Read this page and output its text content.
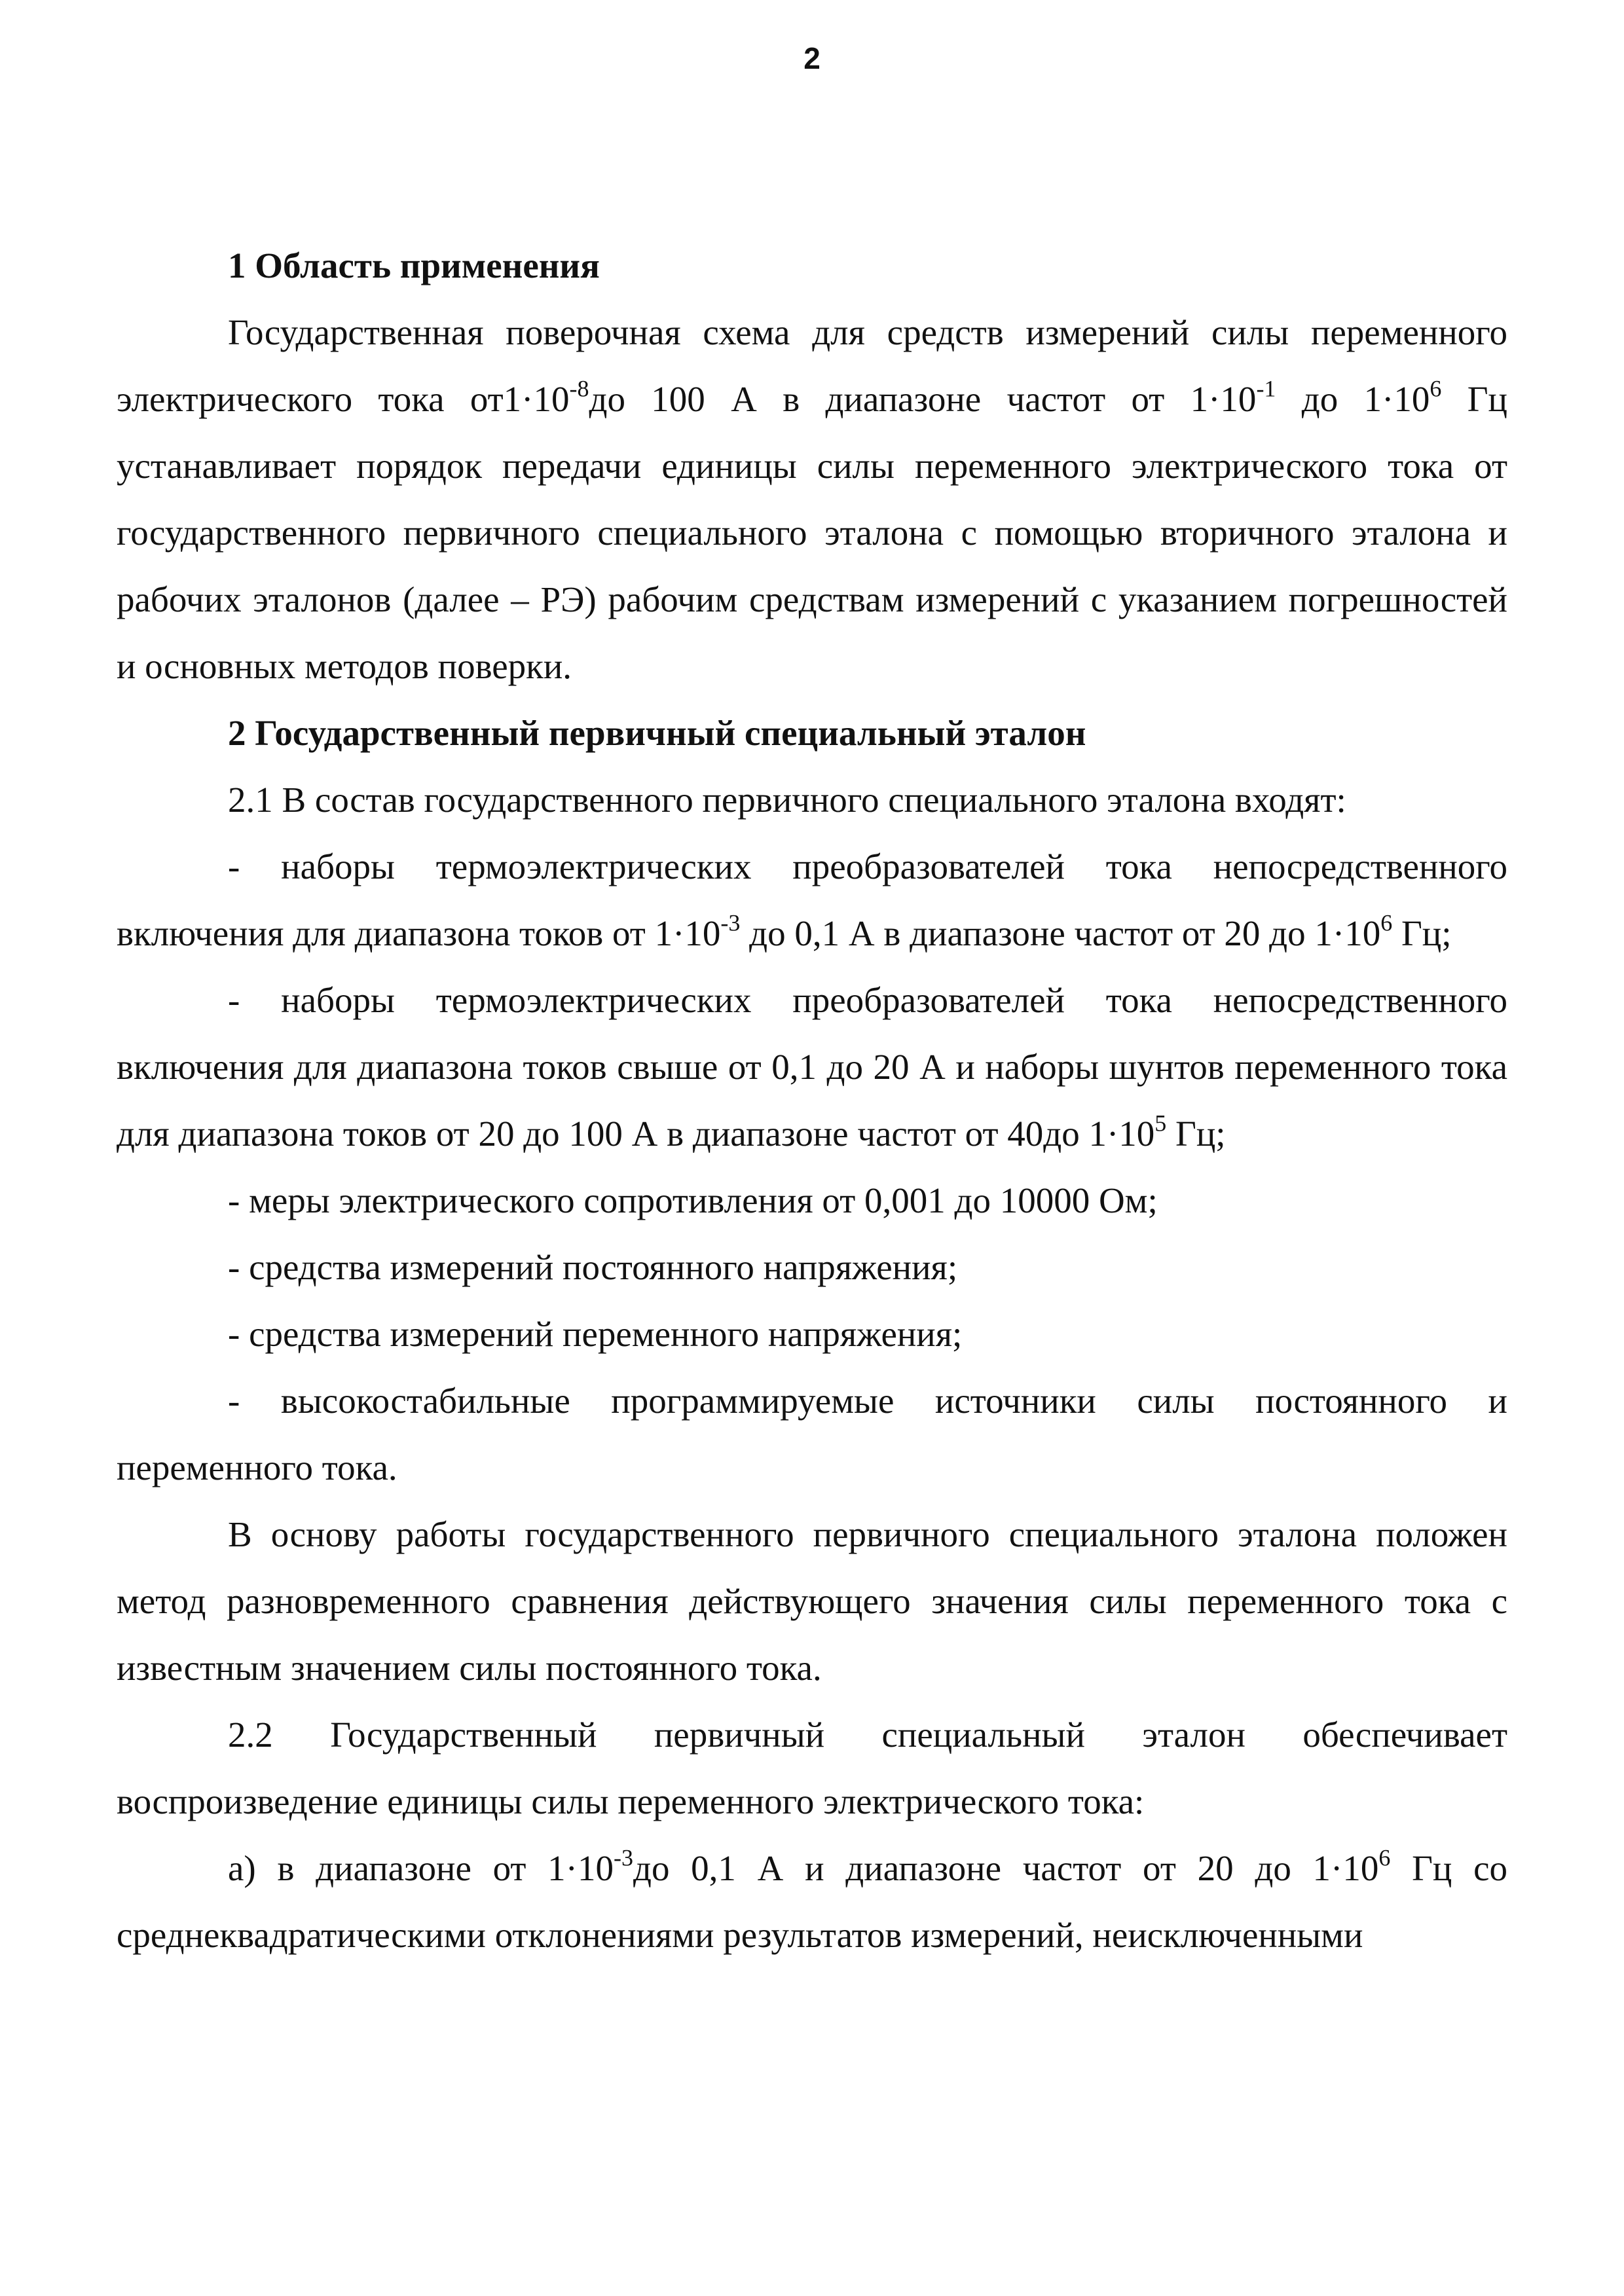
2

1 Область применения

Государственная поверочная схема для средств измерений силы переменного электрического тока $от1\cdot 10^{-8}до$ 100 А в диапазоне частот от $1\cdot 10^{-1}$ до $1\cdot 10^6$ Гц устанавливает порядок передачи единицы силы переменного электрического тока от государственного первичного специального эталона с помощью вторичного эталона и рабочих эталонов (далее – РЭ) рабочим средствам измерений с указанием погрешностей и основных методов поверки.

2 Государственный первичный специальный эталон

2.1 В состав государственного первичного специального эталона входят:

- наборы термоэлектрических преобразователей тока непосредственного включения для диапазона токов от $1\cdot 10^{-3}$ до 0,1 А в диапазоне частот от 20 до $1\cdot 10^6$ Гц;

- наборы термоэлектрических преобразователей тока непосредственного включения для диапазона токов свыше от 0,1 до 20 А и наборы шунтов переменного тока для диапазона токов от 20 до 100 А в диапазоне частот от 40до $1\cdot 10^5$ Гц;

- меры электрического сопротивления от 0,001 до 10000 Ом;

- средства измерений постоянного напряжения;

- средства измерений переменного напряжения;

- высокостабильные программируемые источники силы постоянного и переменного тока.

В основу работы государственного первичного специального эталона положен метод разновременного сравнения действующего значения силы переменного тока с известным значением силы постоянного тока.

2.2 Государственный первичный специальный эталон обеспечивает воспроизведение единицы силы переменного электрического тока:

а) в диапазоне от $1\cdot 10^{-3}до$ 0,1 А и диапазоне частот от 20 до $1\cdot 10^6$ Гц со среднеквадратическими отклонениями результатов измерений, неисключенными
